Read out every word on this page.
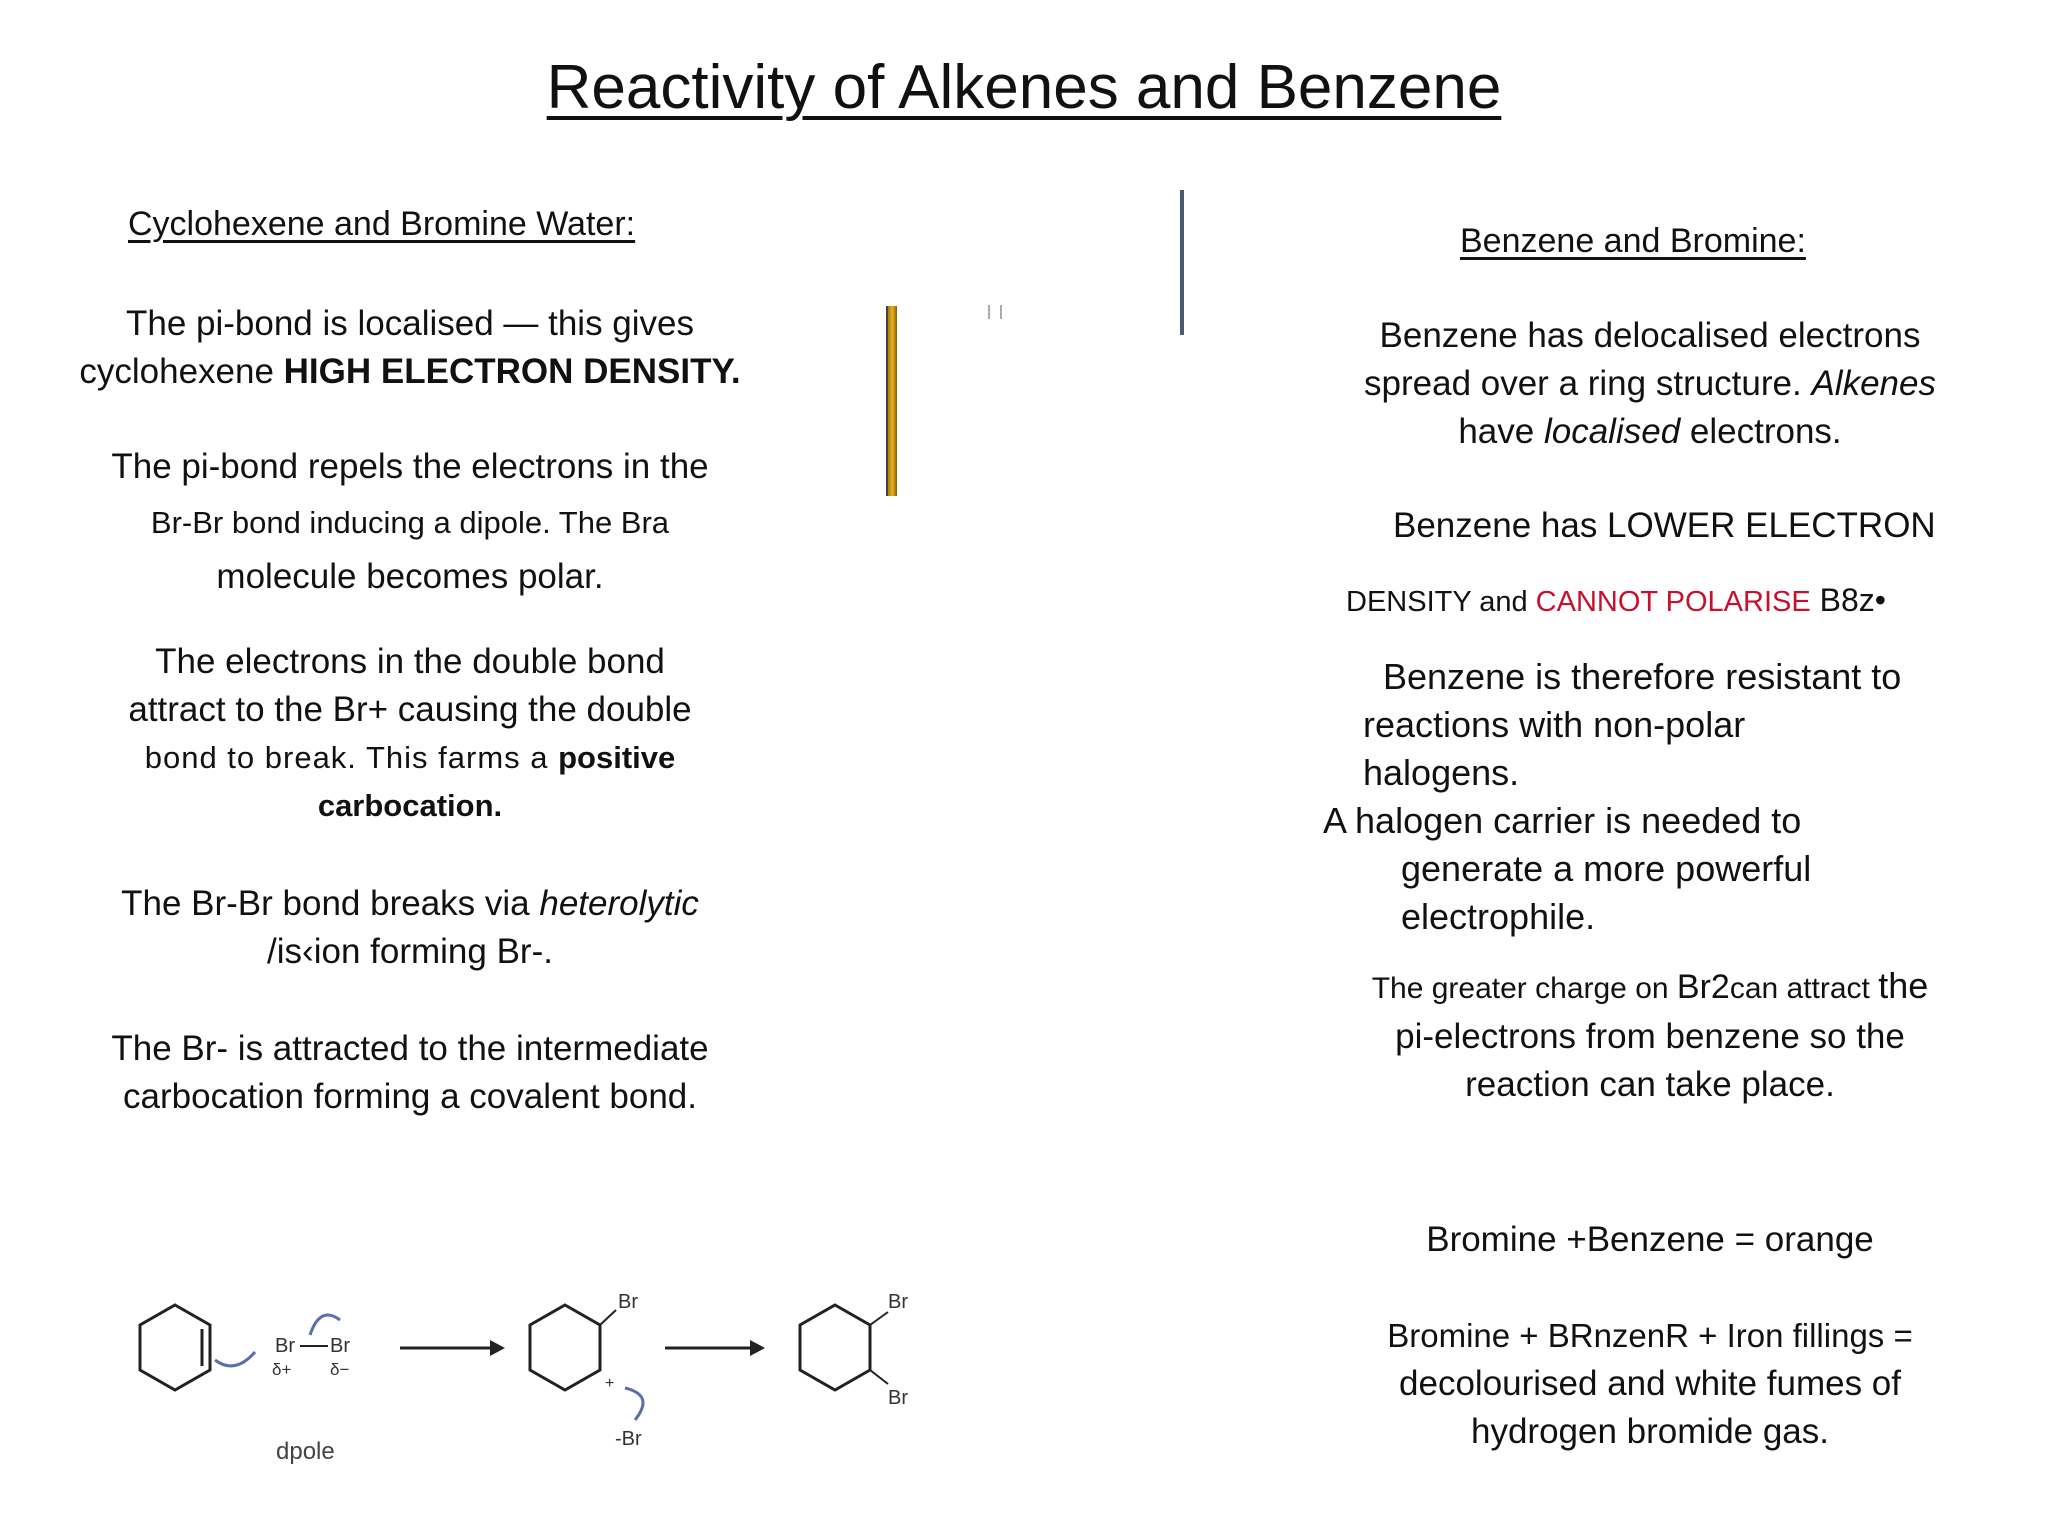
Reactivity of Alkenes and Benzene
Cyclohexene and Bromine Water:
The pi-bond is localised — this gives
cyclohexene HIGH ELECTRON DENSITY.
The pi-bond repels the electrons in the
Br-Br bond inducing a dipole. The Bra
molecule becomes polar.
The electrons in the double bond
attract to the Br+ causing the double
bond to break. This farms a positive
carbocation.
The Br-Br bond breaks via heterolytic
/is‹ion forming Br-.
The Br- is attracted to the intermediate
carbocation forming a covalent bond.
Br Br
δ+ δ−
Br
+
-Br
Br
Br
dpole
Benzene and Bromine:
Benzene has delocalised electrons
spread over a ring structure. Alkenes
have localised electrons.
Benzene has LOWER ELECTRON
DENSITY and CANNOT POLARISE B8z•
Benzene is therefore resistant to
reactions with non-polar
halogens.
A halogen carrier is needed to
generate a more powerful
electrophile.
The greater charge on Br2can attract the
pi-electrons from benzene so the
reaction can take place.
Bromine +Benzene = orange
Bromine + BRnzenR + Iron fillings =
decolourised and white fumes of
hydrogen bromide gas.
